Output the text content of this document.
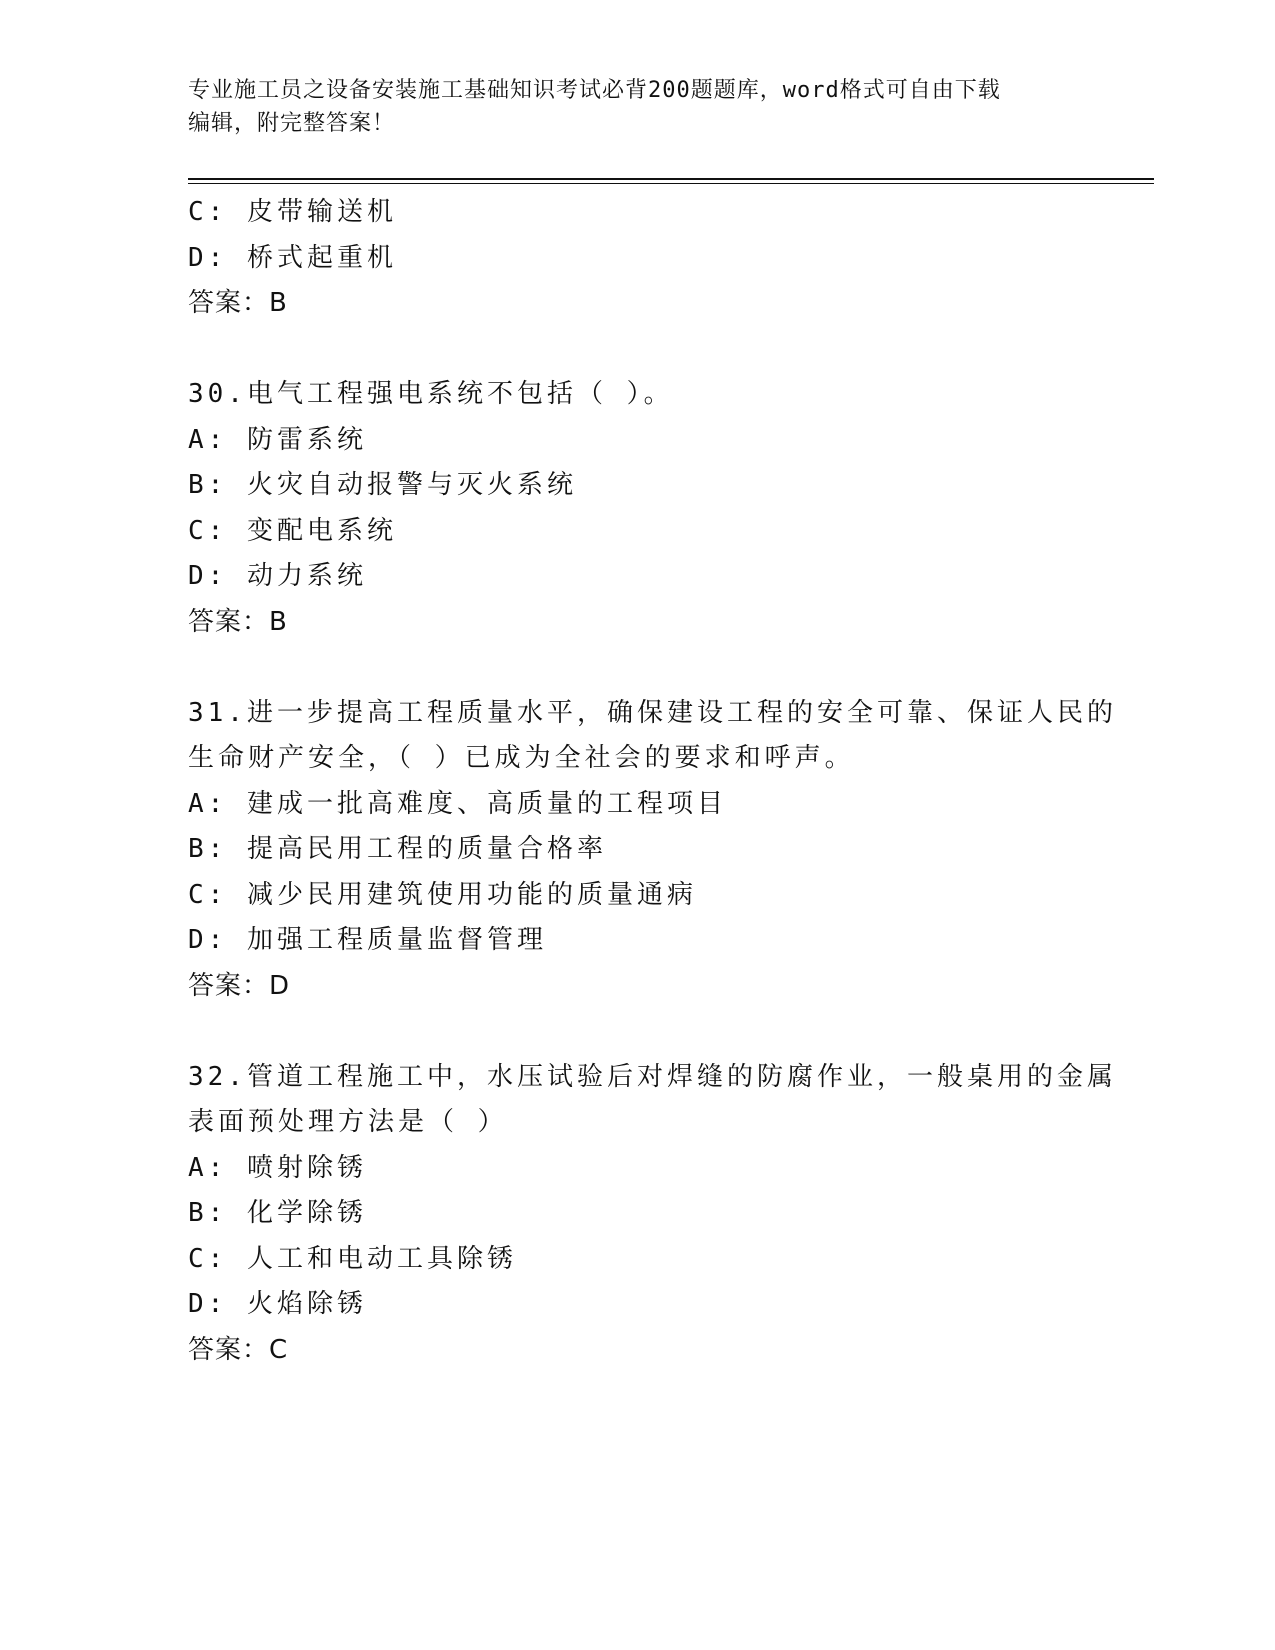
专业施工员之设备安装施工基础知识考试必背200题题库，word格式可自由下载
编辑，附完整答案！

C: 皮带输送机

D: 桥式起重机

答案：B

30.电气工程强电系统不包括（ ）。

A: 防雷系统

B: 火灾自动报警与灭火系统

C: 变配电系统

D: 动力系统

答案：B

31.进一步提高工程质量水平，确保建设工程的安全可靠、保证人民的

生命财产安全，（ ）已成为全社会的要求和呼声。

A: 建成一批高难度、高质量的工程项目

B: 提高民用工程的质量合格率

C: 减少民用建筑使用功能的质量通病

D: 加强工程质量监督管理

答案：D

32.管道工程施工中，水压试验后对焊缝的防腐作业，一般桌用的金属

表面预处理方法是（ ）

A: 喷射除锈

B: 化学除锈

C: 人工和电动工具除锈

D: 火焰除锈

答案：C
